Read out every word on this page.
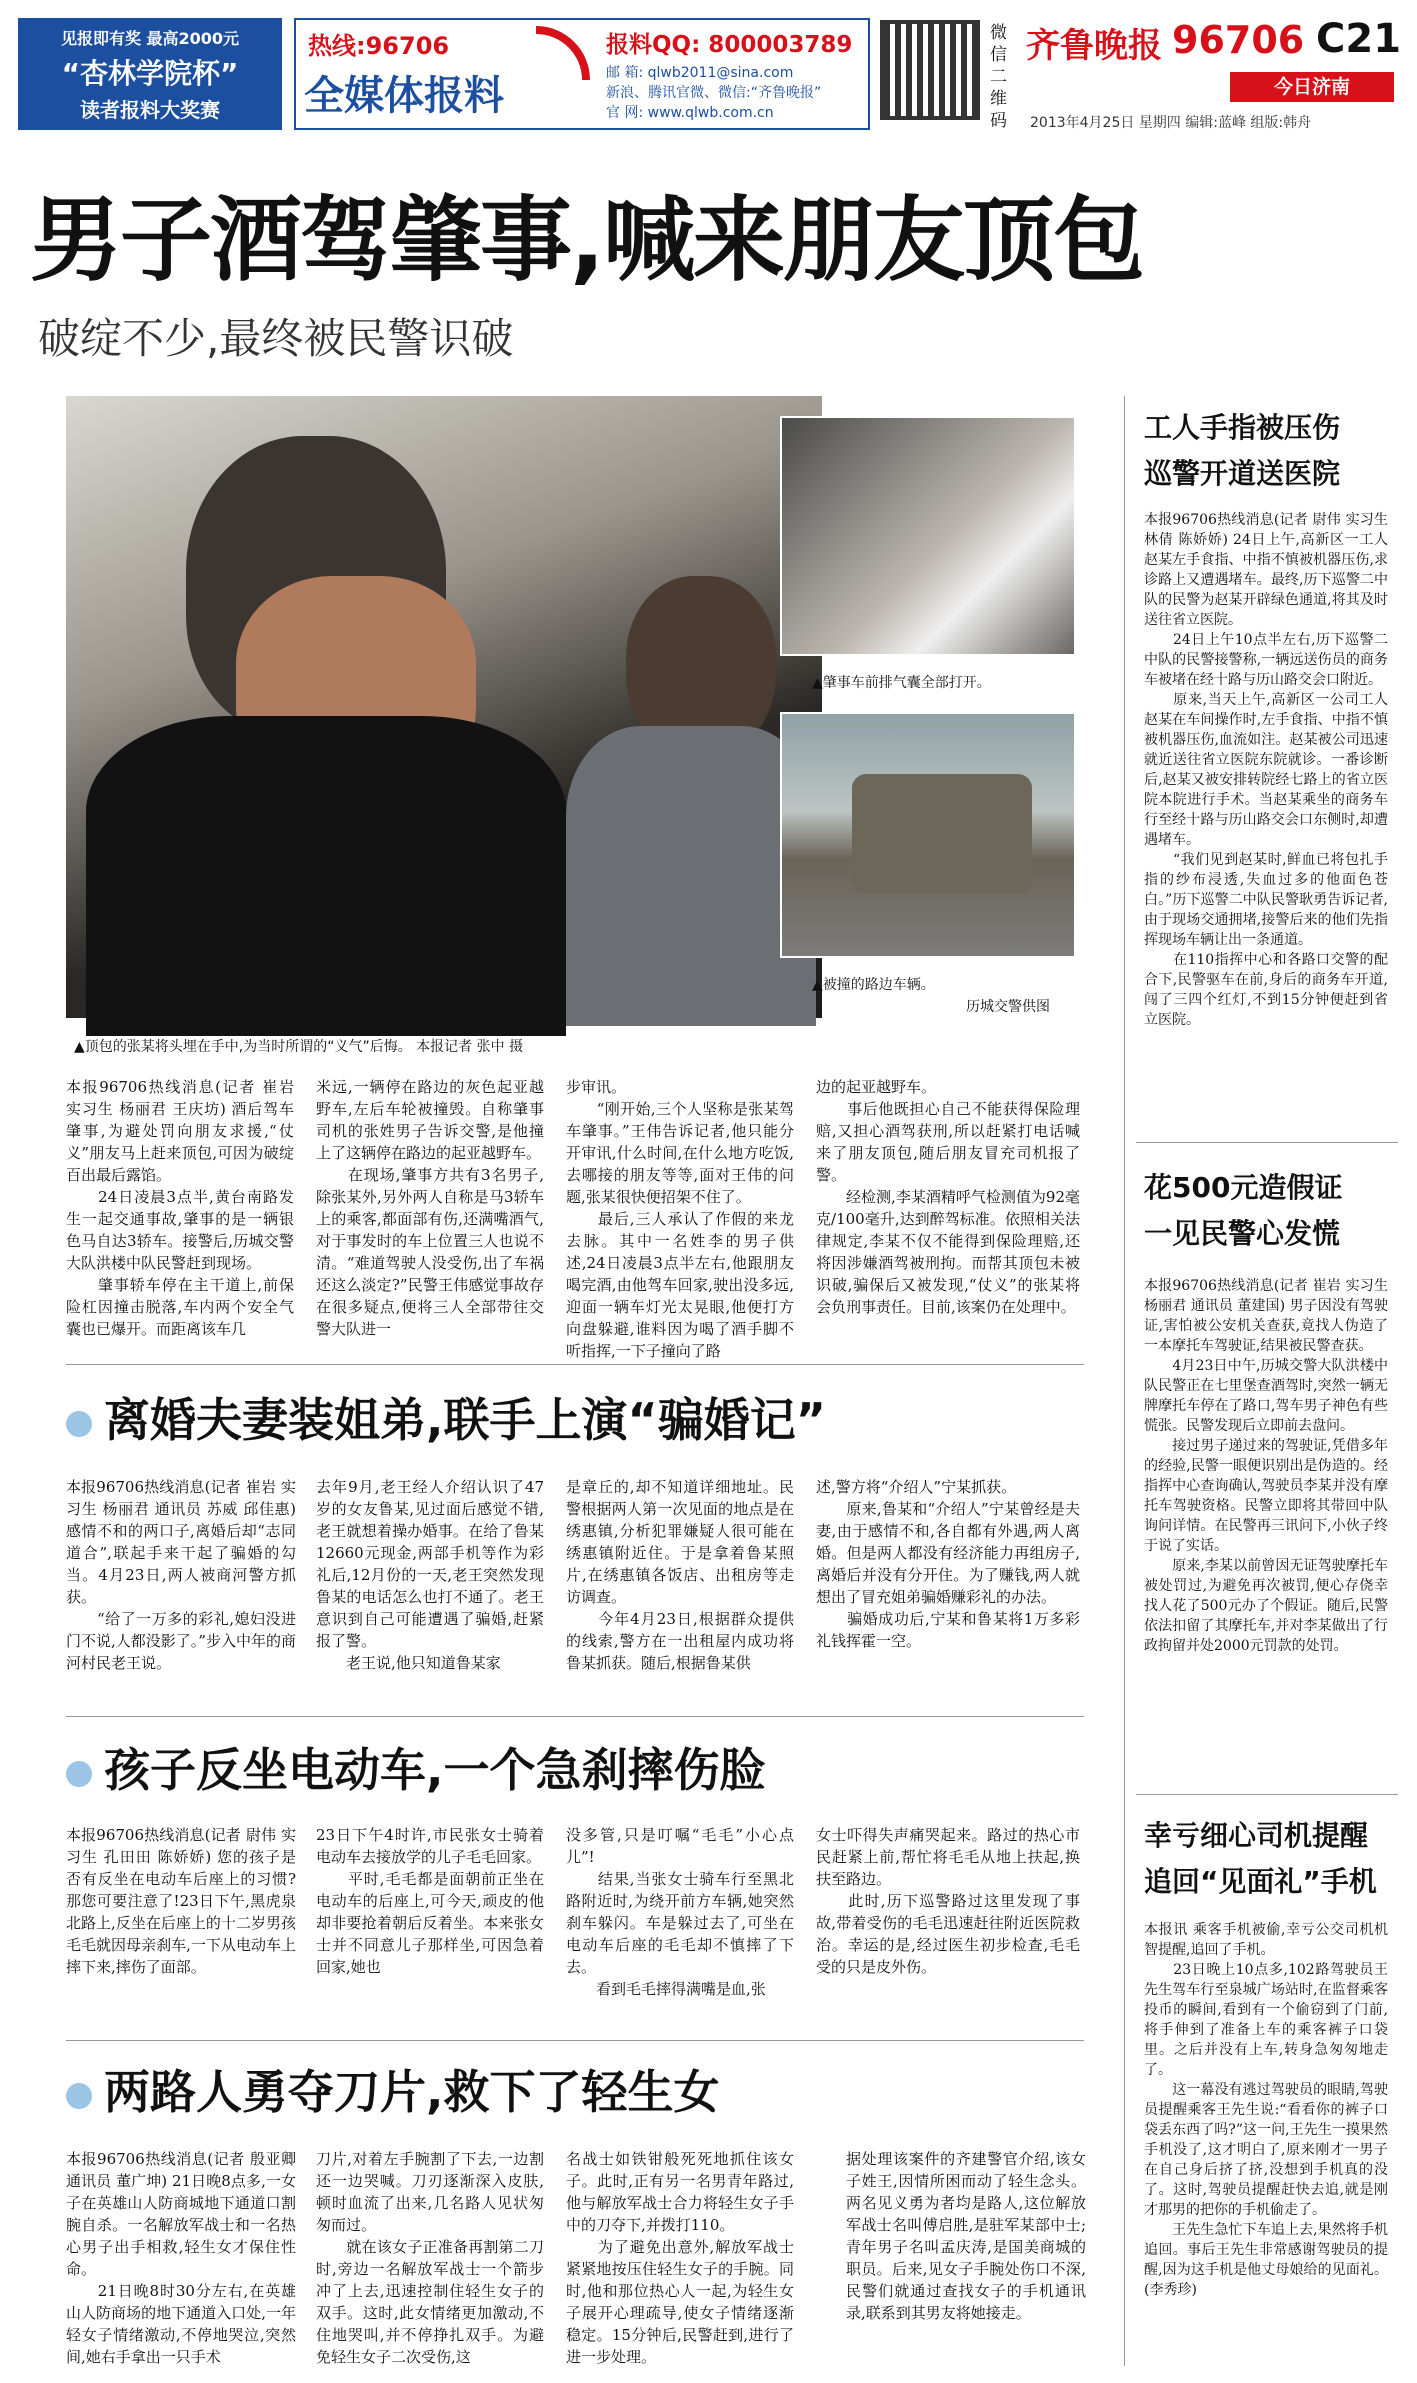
见报即有奖 最高2000元
“杏林学院杯”
读者报料大奖赛
热线:96706
全媒体报料
报料QQ: 800003789
邮 箱: qlwb2011@sina.com
新浪、腾讯官微、微信:“齐鲁晚报”
官 网: www.qlwb.com.cn
微信二维码
齐鲁晚报 96706 C21
今日济南
2013年4月25日 星期四 编辑:蓝峰 组版:韩舟
男子酒驾肇事,喊来朋友顶包
破绽不少,最终被民警识破
▲顶包的张某将头埋在手中,为当时所谓的“义气”后悔。 本报记者 张中 摄
▲肇事车前排气囊全部打开。
▲被撞的路边车辆。
历城交警供图
本报96706热线消息(记者 崔岩 实习生 杨丽君 王庆坊) 酒后驾车肇事,为避处罚向朋友求援,“仗义”朋友马上赶来顶包,可因为破绽百出最后露馅。
　　24日凌晨3点半,黄台南路发生一起交通事故,肇事的是一辆银色马自达3轿车。接警后,历城交警大队洪楼中队民警赶到现场。
　　肇事轿车停在主干道上,前保险杠因撞击脱落,车内两个安全气囊也已爆开。而距离该车几
米远,一辆停在路边的灰色起亚越野车,左后车轮被撞毁。自称肇事司机的张姓男子告诉交警,是他撞上了这辆停在路边的起亚越野车。
　　在现场,肇事方共有3名男子,除张某外,另外两人自称是马3轿车上的乘客,都面部有伤,还满嘴酒气,对于事发时的车上位置三人也说不清。“难道驾驶人没受伤,出了车祸还这么淡定?”民警王伟感觉事故存在很多疑点,便将三人全部带往交警大队进一
步审讯。
　　“刚开始,三个人坚称是张某驾车肇事。”王伟告诉记者,他只能分开审讯,什么时间,在什么地方吃饭,去哪接的朋友等等,面对王伟的问题,张某很快便招架不住了。
　　最后,三人承认了作假的来龙去脉。其中一名姓李的男子供述,24日凌晨3点半左右,他跟朋友喝完酒,由他驾车回家,驶出没多远,迎面一辆车灯光太晃眼,他便打方向盘躲避,谁料因为喝了酒手脚不听指挥,一下子撞向了路
边的起亚越野车。
　　事后他既担心自己不能获得保险理赔,又担心酒驾获刑,所以赶紧打电话喊来了朋友顶包,随后朋友冒充司机报了警。
　　经检测,李某酒精呼气检测值为92毫克/100毫升,达到醉驾标准。依照相关法律规定,李某不仅不能得到保险理赔,还将因涉嫌酒驾被刑拘。而帮其顶包未被识破,骗保后又被发现,“仗义”的张某将会负刑事责任。目前,该案仍在处理中。
离婚夫妻装姐弟,联手上演“骗婚记”
本报96706热线消息(记者 崔岩 实习生 杨丽君 通讯员 苏威 邱佳惠) 感情不和的两口子,离婚后却“志同道合”,联起手来干起了骗婚的勾当。4月23日,两人被商河警方抓获。
　　“给了一万多的彩礼,媳妇没进门不说,人都没影了。”步入中年的商河村民老王说。
去年9月,老王经人介绍认识了47岁的女友鲁某,见过面后感觉不错,老王就想着操办婚事。在给了鲁某12660元现金,两部手机等作为彩礼后,12月份的一天,老王突然发现鲁某的电话怎么也打不通了。老王意识到自己可能遭遇了骗婚,赶紧报了警。
　　老王说,他只知道鲁某家
是章丘的,却不知道详细地址。民警根据两人第一次见面的地点是在绣惠镇,分析犯罪嫌疑人很可能在绣惠镇附近住。于是拿着鲁某照片,在绣惠镇各饭店、出租房等走访调查。
　　今年4月23日,根据群众提供的线索,警方在一出租屋内成功将鲁某抓获。随后,根据鲁某供
述,警方将“介绍人”宁某抓获。
　　原来,鲁某和“介绍人”宁某曾经是夫妻,由于感情不和,各自都有外遇,两人离婚。但是两人都没有经济能力再组房子,离婚后并没有分开住。为了赚钱,两人就想出了冒充姐弟骗婚赚彩礼的办法。
　　骗婚成功后,宁某和鲁某将1万多彩礼钱挥霍一空。
孩子反坐电动车,一个急刹摔伤脸
本报96706热线消息(记者 尉伟 实习生 孔田田 陈娇娇) 您的孩子是否有反坐在电动车后座上的习惯?那您可要注意了!23日下午,黑虎泉北路上,反坐在后座上的十二岁男孩毛毛就因母亲刹车,一下从电动车上摔下来,摔伤了面部。
23日下午4时许,市民张女士骑着电动车去接放学的儿子毛毛回家。
　　平时,毛毛都是面朝前正坐在电动车的后座上,可今天,顽皮的他却非要抢着朝后反着坐。本来张女士并不同意儿子那样坐,可因急着回家,她也
没多管,只是叮嘱“毛毛”小心点儿”!
　　结果,当张女士骑车行至黑北路附近时,为绕开前方车辆,她突然刹车躲闪。车是躲过去了,可坐在电动车后座的毛毛却不慎摔了下去。
　　看到毛毛摔得满嘴是血,张
女士吓得失声痛哭起来。路过的热心市民赶紧上前,帮忙将毛毛从地上扶起,换扶至路边。
　　此时,历下巡警路过这里发现了事故,带着受伤的毛毛迅速赶往附近医院救治。幸运的是,经过医生初步检查,毛毛受的只是皮外伤。
两路人勇夺刀片,救下了轻生女
本报96706热线消息(记者 殷亚卿 通讯员 董广坤) 21日晚8点多,一女子在英雄山人防商城地下通道口割腕自杀。一名解放军战士和一名热心男子出手相救,轻生女才保住性命。
　　21日晚8时30分左右,在英雄山人防商场的地下通道入口处,一年轻女子情绪激动,不停地哭泣,突然间,她右手拿出一只手术
刀片,对着左手腕割了下去,一边割还一边哭喊。刀刃逐渐深入皮肤,顿时血流了出来,几名路人见状匆匆而过。
　　就在该女子正准备再割第二刀时,旁边一名解放军战士一个箭步冲了上去,迅速控制住轻生女子的双手。这时,此女情绪更加激动,不住地哭叫,并不停挣扎双手。为避免轻生女子二次受伤,这
名战士如铁钳般死死地抓住该女子。此时,正有另一名男青年路过,他与解放军战士合力将轻生女子手中的刀夺下,并拨打110。
　　为了避免出意外,解放军战士紧紧地按压住轻生女子的手腕。同时,他和那位热心人一起,为轻生女子展开心理疏导,使女子情绪逐渐稳定。15分钟后,民警赶到,进行了进一步处理。
据处理该案件的齐建警官介绍,该女子姓王,因情所困而动了轻生念头。两名见义勇为者均是路人,这位解放军战士名叫傅启胜,是驻军某部中士;青年男子名叫孟庆涛,是国美商城的职员。后来,见女子手腕处伤口不深,民警们就通过查找女子的手机通讯录,联系到其男友将她接走。
工人手指被压伤
巡警开道送医院
本报96706热线消息(记者 尉伟 实习生 林倩 陈娇娇) 24日上午,高新区一工人赵某左手食指、中指不慎被机器压伤,求诊路上又遭遇堵车。最终,历下巡警二中队的民警为赵某开辟绿色通道,将其及时送往省立医院。
　　24日上午10点半左右,历下巡警二中队的民警接警称,一辆远送伤员的商务车被堵在经十路与历山路交会口附近。
　　原来,当天上午,高新区一公司工人赵某在车间操作时,左手食指、中指不慎被机器压伤,血流如注。赵某被公司迅速就近送往省立医院东院就诊。一番诊断后,赵某又被安排转院经七路上的省立医院本院进行手术。当赵某乘坐的商务车行至经十路与历山路交会口东侧时,却遭遇堵车。
　　“我们见到赵某时,鲜血已将包扎手指的纱布浸透,失血过多的他面色苍白。”历下巡警二中队民警耿勇告诉记者,由于现场交通拥堵,接警后来的他们先指挥现场车辆让出一条通道。
　　在110指挥中心和各路口交警的配合下,民警驱车在前,身后的商务车开道,闯了三四个红灯,不到15分钟便赶到省立医院。
花500元造假证
一见民警心发慌
本报96706热线消息(记者 崔岩 实习生 杨丽君 通讯员 董建国) 男子因没有驾驶证,害怕被公安机关查获,竟找人伪造了一本摩托车驾驶证,结果被民警查获。
　　4月23日中午,历城交警大队洪楼中队民警正在七里堡查酒驾时,突然一辆无牌摩托车停在了路口,驾车男子神色有些慌张。民警发现后立即前去盘问。
　　接过男子递过来的驾驶证,凭借多年的经验,民警一眼便识别出是伪造的。经指挥中心查询确认,驾驶员李某并没有摩托车驾驶资格。民警立即将其带回中队询问详情。在民警再三讯问下,小伙子终于说了实话。
　　原来,李某以前曾因无证驾驶摩托车被处罚过,为避免再次被罚,便心存侥幸找人花了500元办了个假证。随后,民警依法扣留了其摩托车,并对李某做出了行政拘留并处2000元罚款的处罚。
幸亏细心司机提醒
追回“见面礼”手机
本报讯 乘客手机被偷,幸亏公交司机机智提醒,追回了手机。
　　23日晚上10点多,102路驾驶员王先生驾车行至泉城广场站时,在监督乘客投币的瞬间,看到有一个偷窃到了门前,将手伸到了准备上车的乘客裤子口袋里。之后并没有上车,转身急匆匆地走了。
　　这一幕没有逃过驾驶员的眼睛,驾驶员提醒乘客王先生说:“看看你的裤子口袋丢东西了吗?”这一问,王先生一摸果然手机没了,这才明白了,原来刚才一男子在自己身后挤了挤,没想到手机真的没了。这时,驾驶员提醒赶快去追,就是刚才那男的把你的手机偷走了。
　　王先生急忙下车追上去,果然将手机追回。事后王先生非常感谢驾驶员的提醒,因为这手机是他丈母娘给的见面礼。 (李秀珍)
